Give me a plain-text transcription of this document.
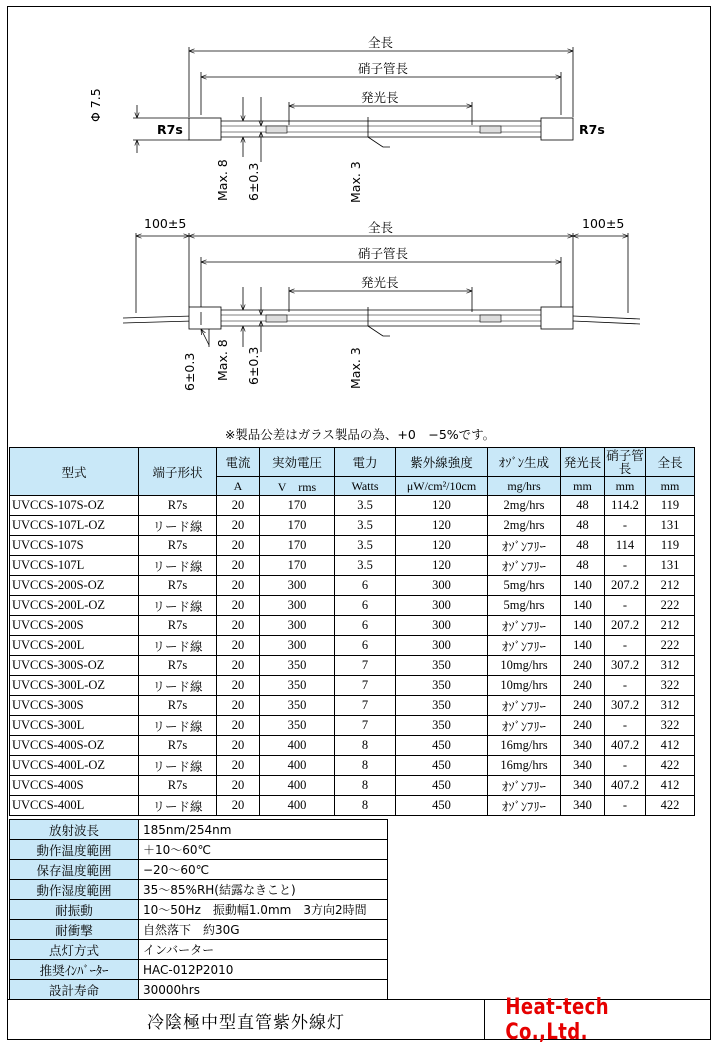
全長
硝子管長
発光長
R7s	R7s
Φ 7.5
Max. 8 6±0.3	Max. 3
100±5	100±5
全長
硝子管長
発光長
6±0.3 Max. 8 6±0.3	Max. 3
※製品公差はガラス製品の為、+0　−5%です。
型式	端子形状	電流	実効電圧	電力	紫外線強度	ｵｿﾞﾝ生成	発光長	硝子管長	全長
		A	V　rms	Watts	μW/cm²/10cm	mg/hrs	mm	mm	mm
UVCCS-107S-OZ	R7s	20	170	3.5	120	2mg/hrs	48	114.2	119
UVCCS-107L-OZ	リード線	20	170	3.5	120	2mg/hrs	48	-	131
UVCCS-107S	R7s	20	170	3.5	120	ｵｿﾞﾝﾌﾘｰ	48	114	119
UVCCS-107L	リード線	20	170	3.5	120	ｵｿﾞﾝﾌﾘｰ	48	-	131
UVCCS-200S-OZ	R7s	20	300	6	300	5mg/hrs	140	207.2	212
UVCCS-200L-OZ	リード線	20	300	6	300	5mg/hrs	140	-	222
UVCCS-200S	R7s	20	300	6	300	ｵｿﾞﾝﾌﾘｰ	140	207.2	212
UVCCS-200L	リード線	20	300	6	300	ｵｿﾞﾝﾌﾘｰ	140	-	222
UVCCS-300S-OZ	R7s	20	350	7	350	10mg/hrs	240	307.2	312
UVCCS-300L-OZ	リード線	20	350	7	350	10mg/hrs	240	-	322
UVCCS-300S	R7s	20	350	7	350	ｵｿﾞﾝﾌﾘｰ	240	307.2	312
UVCCS-300L	リード線	20	350	7	350	ｵｿﾞﾝﾌﾘｰ	240	-	322
UVCCS-400S-OZ	R7s	20	400	8	450	16mg/hrs	340	407.2	412
UVCCS-400L-OZ	リード線	20	400	8	450	16mg/hrs	340	-	422
UVCCS-400S	R7s	20	400	8	450	ｵｿﾞﾝﾌﾘｰ	340	407.2	412
UVCCS-400L	リード線	20	400	8	450	ｵｿﾞﾝﾌﾘｰ	340	-	422
放射波長	185nm/254nm
動作温度範囲	＋10〜60℃
保存温度範囲	−20〜60℃
動作湿度範囲	35〜85%RH(結露なきこと)
耐振動	10〜50Hz　振動幅1.0mm　3方向2時間
耐衝撃	自然落下　約30G
点灯方式	インバーター
推奨ｲﾝﾊﾞｰﾀｰ	HAC-012P2010
設計寿命	30000hrs
冷陰極中型直管紫外線灯
Heat-tech Co.,Ltd.
